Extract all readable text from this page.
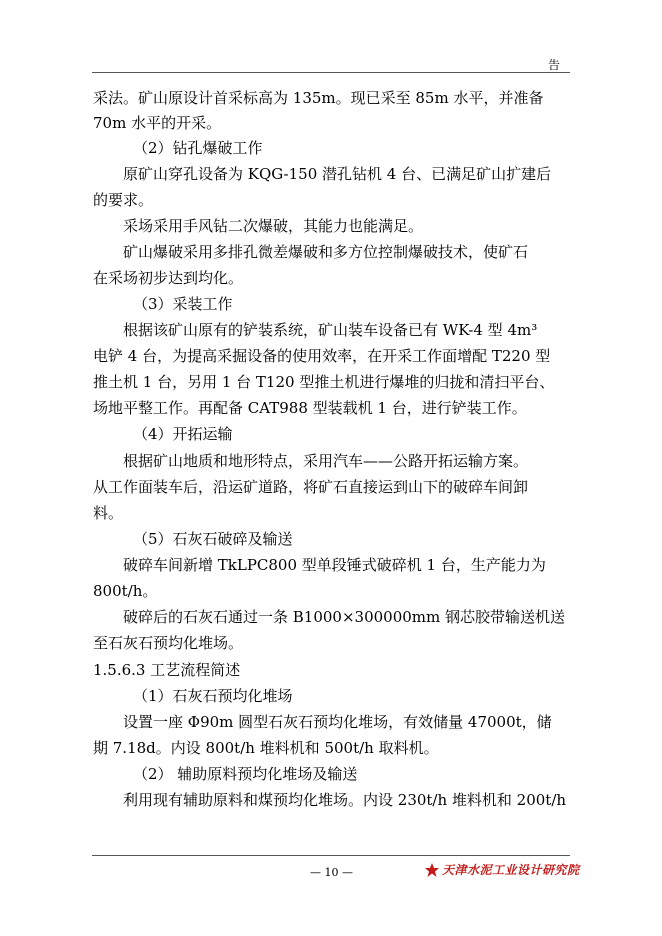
告
采法。矿山原设计首采标高为 135m。现已采至 85m 水平，并准备
70m 水平的开采。
（2）钻孔爆破工作
原矿山穿孔设备为 KQG-150 潜孔钻机 4 台、已满足矿山扩建后
的要求。
采场采用手风钻二次爆破，其能力也能满足。
矿山爆破采用多排孔微差爆破和多方位控制爆破技术，使矿石
在采场初步达到均化。
（3）采装工作
根据该矿山原有的铲装系统，矿山装车设备已有 WK-4 型 4m³
电铲 4 台，为提高采掘设备的使用效率，在开采工作面增配 T220 型
推土机 1 台，另用 1 台 T120 型推土机进行爆堆的归拢和清扫平台、
场地平整工作。再配备 CAT988 型装载机 1 台，进行铲装工作。
（4）开拓运输
根据矿山地质和地形特点，采用汽车——公路开拓运输方案。
从工作面装车后，沿运矿道路，将矿石直接运到山下的破碎车间卸
料。
（5）石灰石破碎及输送
破碎车间新增 TkLPC800 型单段锤式破碎机 1 台，生产能力为
800t/h。
破碎后的石灰石通过一条 B1000×300000mm 钢芯胶带输送机送
至石灰石预均化堆场。
1.5.6.3 工艺流程简述
（1）石灰石预均化堆场
设置一座 Φ90m 圆型石灰石预均化堆场，有效储量 47000t，储
期 7.18d。内设 800t/h 堆料机和 500t/h 取料机。
（2） 辅助原料预均化堆场及输送
利用现有辅助原料和煤预均化堆场。内设 230t/h 堆料机和 200t/h
— 10 —	天津水泥工业设计研究院
